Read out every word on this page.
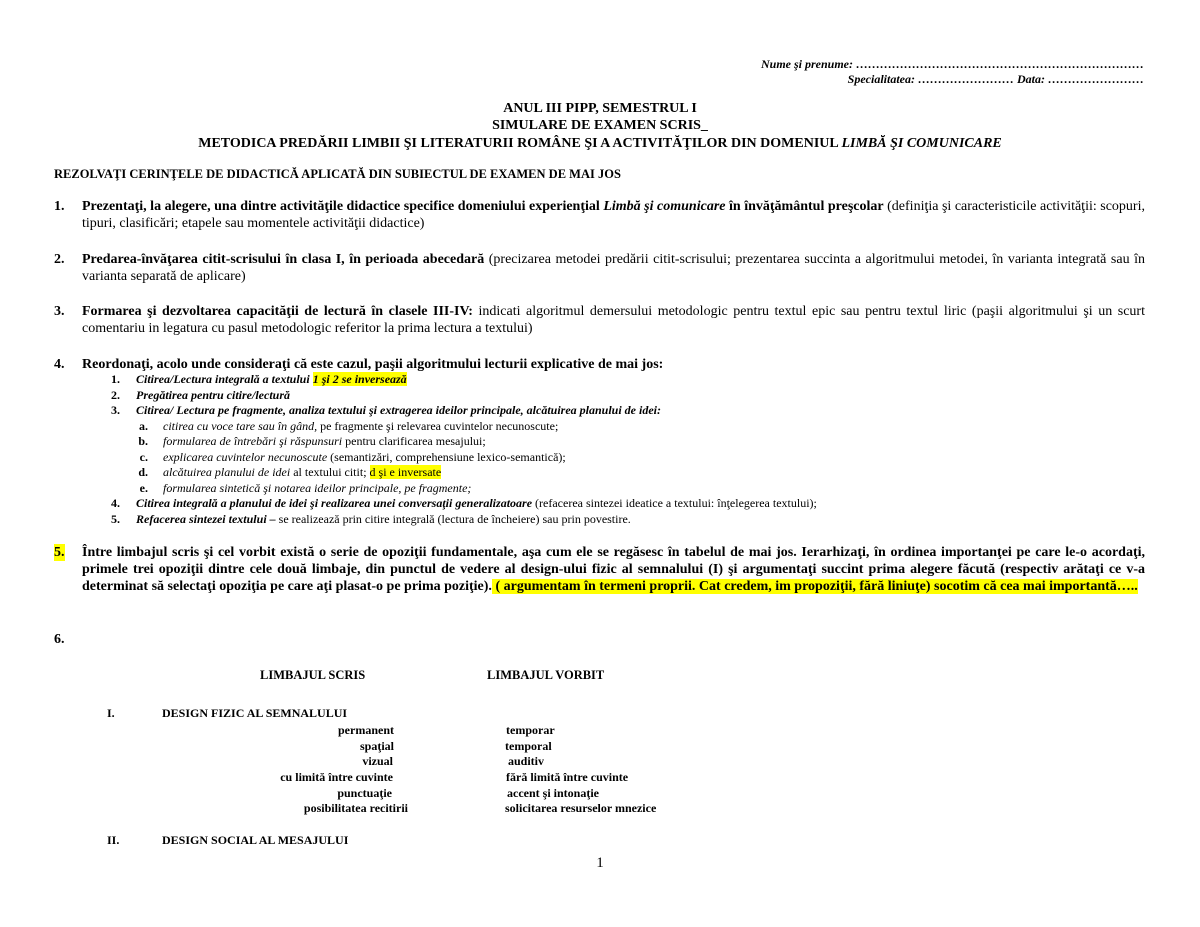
Nume şi prenume: ………………………………………………………………
Specialitatea: …………………… Data: ……………………
ANUL III PIPP, SEMESTRUL I
SIMULARE DE EXAMEN SCRIS_
METODICA PREDĂRII LIMBII ŞI LITERATURII ROMÂNE ŞI A ACTIVITĂŢILOR DIN DOMENIUL LIMBĂ ŞI COMUNICARE
REZOLVAŢI CERINŢELE DE DIDACTICĂ APLICATĂ DIN SUBIECTUL DE EXAMEN DE MAI JOS
1. Prezentaţi, la alegere, una dintre activităţile didactice specifice domeniului experienţial Limbă şi comunicare în învăţământul preşcolar (definiţia şi caracteristicile activităţii: scopuri, tipuri, clasificări; etapele sau momentele activităţii didactice)
2. Predarea-învăţarea citit-scrisului în clasa I, în perioada abecedară (precizarea metodei predării citit-scrisului; prezentarea succinta a algoritmului metodei, în varianta integrată sau în varianta separată de aplicare)
3. Formarea şi dezvoltarea capacităţii de lectură în clasele III-IV: indicati algoritmul demersului metodologic pentru textul epic sau pentru textul liric (paşii algoritmului şi un scurt comentariu in legatura cu pasul metodologic referitor la prima lectura a textului)
4. Reordonaţi, acolo unde consideraţi că este cazul, paşii algoritmului lecturii explicative de mai jos:
1. Citirea/Lectura integrală a textului 1 şi 2 se inversează
2. Pregătirea pentru citire/lectură
3. Citirea/ Lectura pe fragmente, analiza textului şi extragerea ideilor principale, alcătuirea planului de idei:
a. citirea cu voce tare sau în gând, pe fragmente şi relevarea cuvintelor necunoscute;
b. formularea de întrebări şi răspunsuri pentru clarificarea mesajului;
c. explicarea cuvintelor necunoscute (semantizări, comprehensiune lexico-semantică);
d. alcătuirea planului de idei al textului citit; d şi e inversate
e. formularea sintetică şi notarea ideilor principale, pe fragmente;
4. Citirea integrală a planului de idei şi realizarea unei conversaţii generalizatoare (refacerea sintezei ideatice a textului: înţelegerea textului);
5. Refacerea sintezei textului – se realizează prin citire integrală (lectura de încheiere) sau prin povestire.
5. Între limbajul scris şi cel vorbit există o serie de opoziţii fundamentale, aşa cum ele se regăsesc în tabelul de mai jos. Ierarhizaţi, în ordinea importanţei pe care le-o acordaţi, primele trei opoziţii dintre cele două limbaje, din punctul de vedere al design-ului fizic al semnalului (I) şi argumentaţi succint prima alegere făcută (respectiv arătaţi ce v-a determinat să selectaţi opoziţia pe care aţi plasat-o pe prima poziţie). ( argumentam în termeni proprii. Cat credem, im propoziţii, fără liniuţe) socotim că cea mai importantă…..
6.
LIMBAJUL SCRIS	LIMBAJUL VORBIT
I.	DESIGN FIZIC AL SEMNALULUI
permanent	temporar
spaţial	temporal
vizual	auditiv
cu limită între cuvinte	fără limită între cuvinte
punctuaţie	accent şi intonaţie
posibilitatea recitirii	solicitarea resurselor mnezice
II.	DESIGN SOCIAL AL MESAJULUI
1
